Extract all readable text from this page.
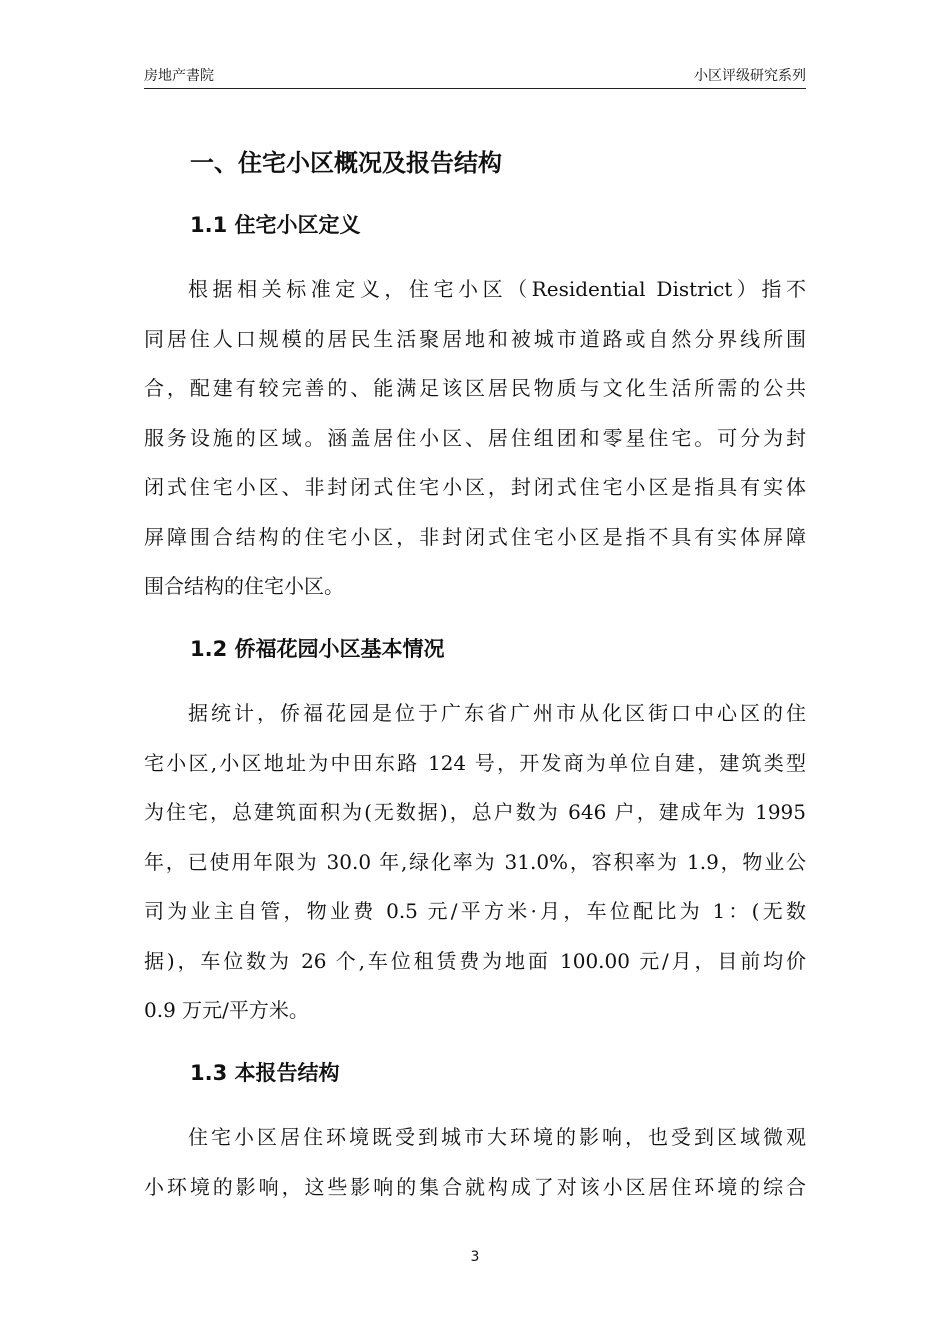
房地产書院	小区评级研究系列
一、住宅小区概况及报告结构
1.1 住宅小区定义
根据相关标准定义，住宅小区（Residential District）指不
同居住人口规模的居民生活聚居地和被城市道路或自然分界线所围
合，配建有较完善的、能满足该区居民物质与文化生活所需的公共
服务设施的区域。涵盖居住小区、居住组团和零星住宅。可分为封
闭式住宅小区、非封闭式住宅小区，封闭式住宅小区是指具有实体
屏障围合结构的住宅小区，非封闭式住宅小区是指不具有实体屏障
围合结构的住宅小区。
1.2 侨福花园小区基本情况
据统计，侨福花园是位于广东省广州市从化区街口中心区的住
宅小区,小区地址为中田东路 124 号，开发商为单位自建，建筑类型
为住宅，总建筑面积为(无数据)，总户数为 646 户，建成年为 1995
年，已使用年限为 30.0 年,绿化率为 31.0%，容积率为 1.9，物业公
司为业主自管，物业费 0.5 元/平方米·月，车位配比为 1：(无数
据)，车位数为 26 个,车位租赁费为地面 100.00 元/月，目前均价
0.9 万元/平方米。
1.3 本报告结构
住宅小区居住环境既受到城市大环境的影响，也受到区域微观
小环境的影响，这些影响的集合就构成了对该小区居住环境的综合
3
